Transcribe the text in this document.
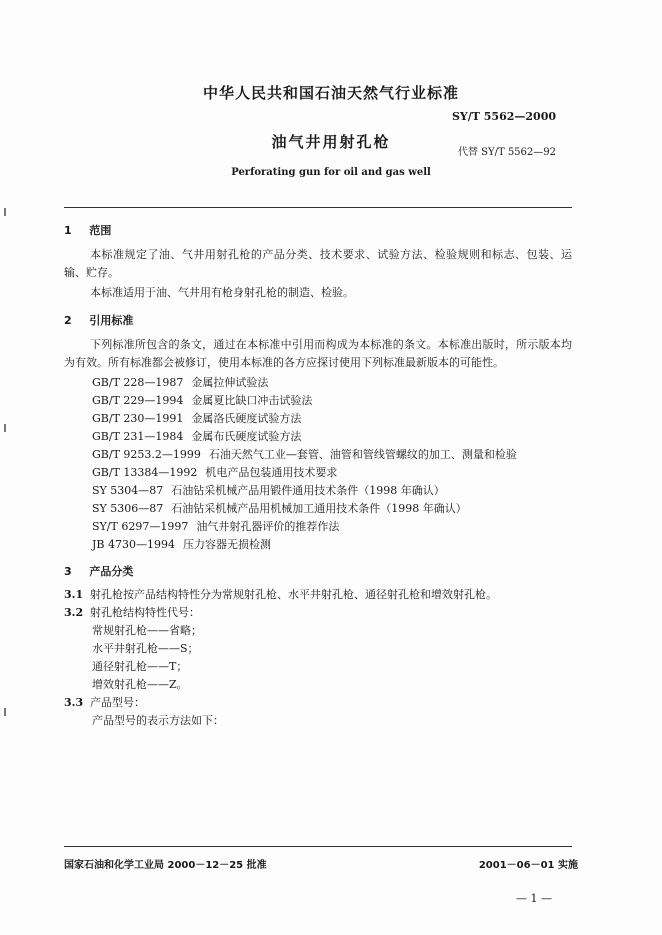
中华人民共和国石油天然气行业标准
SY/T 5562—2000
油气井用射孔枪
代替 SY/T 5562—92
Perforating gun for oil and gas well
1 范围
本标准规定了油、气井用射孔枪的产品分类、技术要求、试验方法、检验规则和标志、包装、运输、贮存。
本标准适用于油、气井用有枪身射孔枪的制造、检验。
2 引用标准
下列标准所包含的条文，通过在本标准中引用而构成为本标准的条文。本标准出版时，所示版本均为有效。所有标准都会被修订，使用本标准的各方应探讨使用下列标准最新版本的可能性。
GB/T 228—1987 金属拉伸试验法
GB/T 229—1994 金属夏比缺口冲击试验法
GB/T 230—1991 金属洛氏硬度试验方法
GB/T 231—1984 金属布氏硬度试验方法
GB/T 9253.2—1999 石油天然气工业—套管、油管和管线管螺纹的加工、测量和检验
GB/T 13384—1992 机电产品包装通用技术要求
SY 5304—87 石油钻采机械产品用锻件通用技术条件（1998 年确认）
SY 5306—87 石油钻采机械产品用机械加工通用技术条件（1998 年确认）
SY/T 6297—1997 油气井射孔器评价的推荐作法
JB 4730—1994 压力容器无损检测
3 产品分类
3.1 射孔枪按产品结构特性分为常规射孔枪、水平井射孔枪、通径射孔枪和增效射孔枪。
3.2 射孔枪结构特性代号：
常规射孔枪——省略；
水平井射孔枪——S；
通径射孔枪——T；
增效射孔枪——Z。
3.3 产品型号：
产品型号的表示方法如下：
国家石油和化学工业局 2000－12－25 批准	2001－06－01 实施
— 1 —
